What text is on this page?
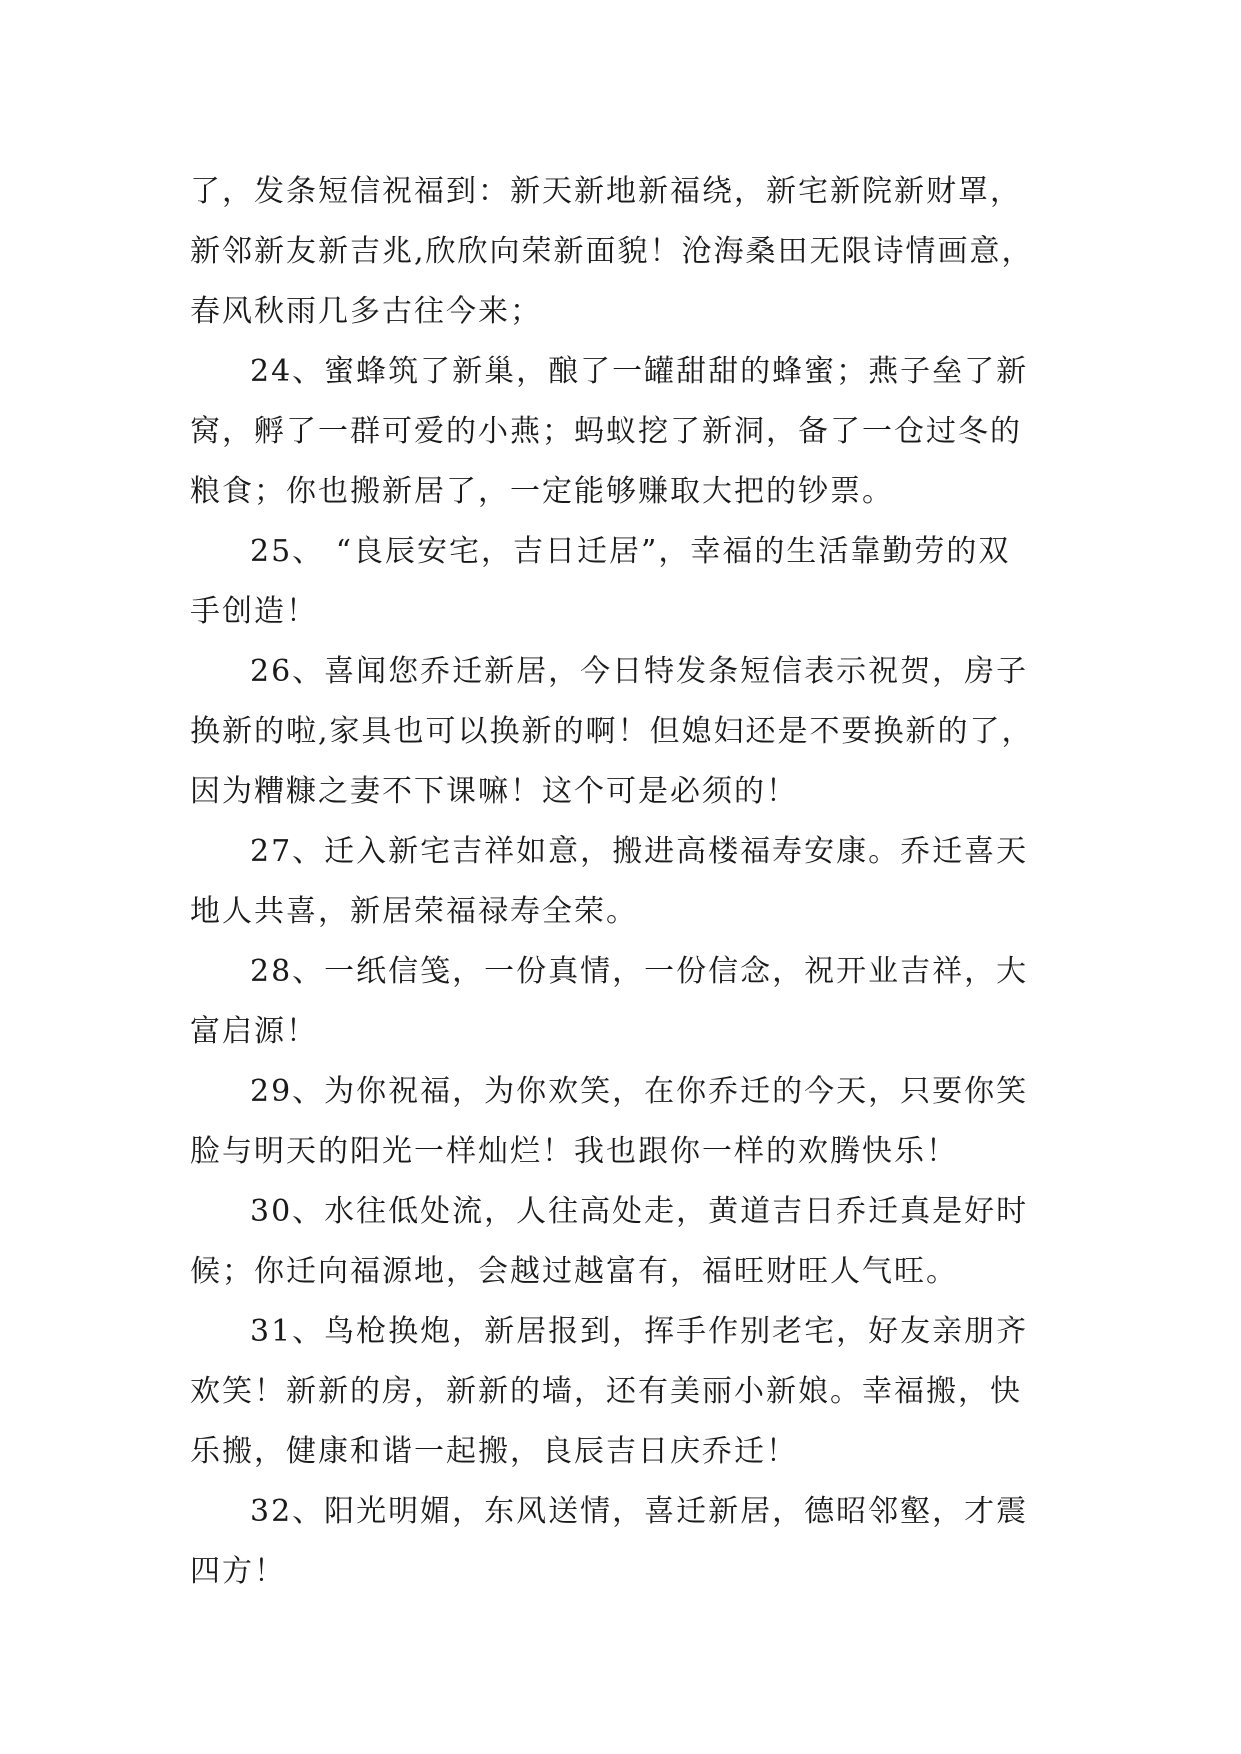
了，发条短信祝福到：新天新地新福绕，新宅新院新财罩，
新邻新友新吉兆,欣欣向荣新面貌！沧海桑田无限诗情画意，
春风秋雨几多古往今来；
24、蜜蜂筑了新巢，酿了一罐甜甜的蜂蜜；燕子垒了新
窝，孵了一群可爱的小燕；蚂蚁挖了新洞，备了一仓过冬的
粮食；你也搬新居了，一定能够赚取大把的钞票。
25、 “良辰安宅，吉日迁居”，幸福的生活靠勤劳的双
手创造！
26、喜闻您乔迁新居，今日特发条短信表示祝贺，房子
换新的啦,家具也可以换新的啊！但媳妇还是不要换新的了，
因为糟糠之妻不下课嘛！这个可是必须的！
27、迁入新宅吉祥如意，搬进高楼福寿安康。乔迁喜天
地人共喜，新居荣福禄寿全荣。
28、一纸信笺，一份真情，一份信念，祝开业吉祥，大
富启源！
29、为你祝福，为你欢笑，在你乔迁的今天，只要你笑
脸与明天的阳光一样灿烂！我也跟你一样的欢腾快乐！
30、水往低处流，人往高处走，黄道吉日乔迁真是好时
候；你迁向福源地，会越过越富有，福旺财旺人气旺。
31、鸟枪换炮，新居报到，挥手作别老宅，好友亲朋齐
欢笑！新新的房，新新的墙，还有美丽小新娘。幸福搬，快
乐搬，健康和谐一起搬，良辰吉日庆乔迁！
32、阳光明媚，东风送情，喜迁新居，德昭邻壑，才震
四方！
